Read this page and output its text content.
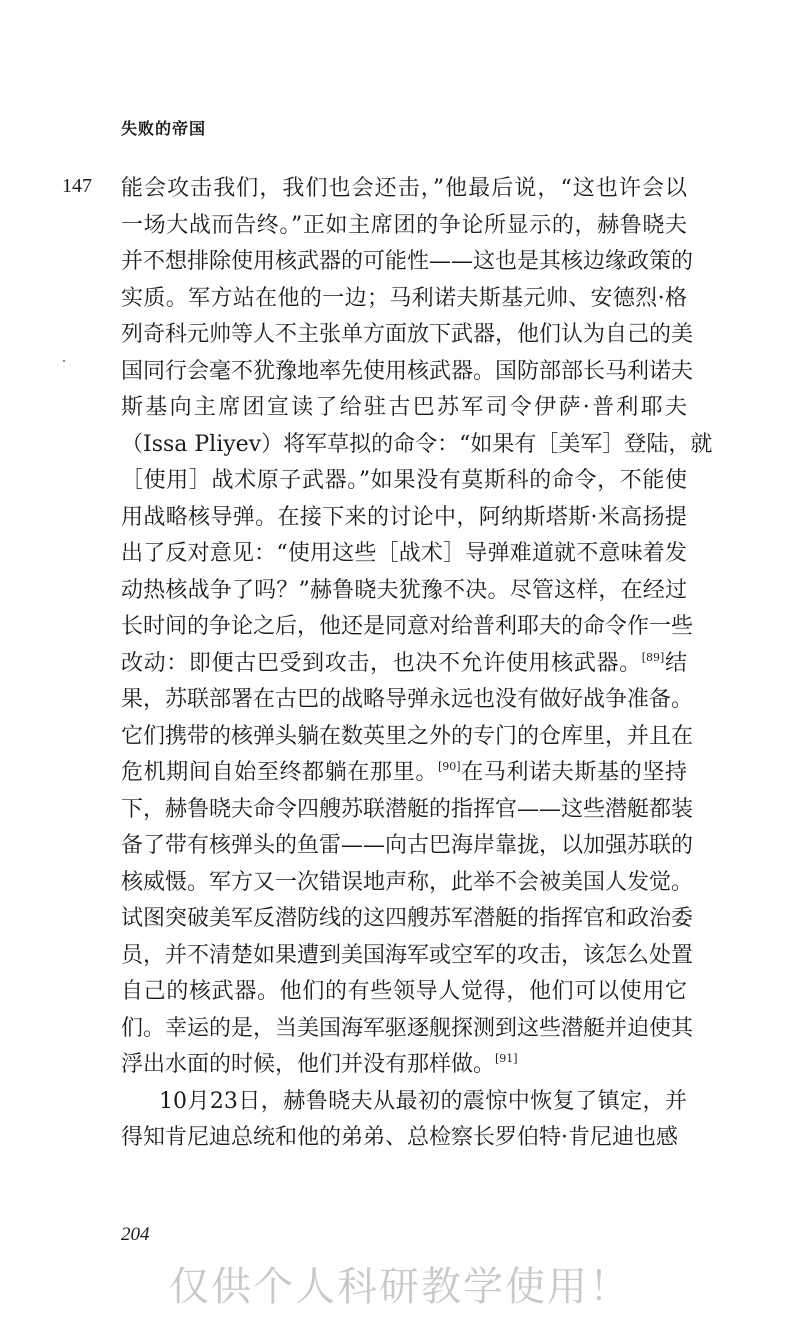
失败的帝国
147 能会攻击我们，我们也会还击，”他最后说，“这也许会以
一场大战而告终。”正如主席团的争论所显示的，赫鲁晓夫
并不想排除使用核武器的可能性——这也是其核边缘政策的
实质。军方站在他的一边；马利诺夫斯基元帅、安德烈·格
列奇科元帅等人不主张单方面放下武器，他们认为自己的美
国同行会毫不犹豫地率先使用核武器。国防部部长马利诺夫
斯基向主席团宣读了给驻古巴苏军司令伊萨·普利耶夫
（Issa Pliyev）将军草拟的命令：“如果有［美军］登陆，就
［使用］战术原子武器。”如果没有莫斯科的命令，不能使
用战略核导弹。在接下来的讨论中，阿纳斯塔斯·米高扬提
出了反对意见：“使用这些［战术］导弹难道就不意味着发
动热核战争了吗？”赫鲁晓夫犹豫不决。尽管这样，在经过
长时间的争论之后，他还是同意对给普利耶夫的命令作一些
改动：即便古巴受到攻击，也决不允许使用核武器。[89]结
果，苏联部署在古巴的战略导弹永远也没有做好战争准备。
它们携带的核弹头躺在数英里之外的专门的仓库里，并且在
危机期间自始至终都躺在那里。[90]在马利诺夫斯基的坚持
下，赫鲁晓夫命令四艘苏联潜艇的指挥官——这些潜艇都装
备了带有核弹头的鱼雷——向古巴海岸靠拢，以加强苏联的
核威慑。军方又一次错误地声称，此举不会被美国人发觉。
试图突破美军反潜防线的这四艘苏军潜艇的指挥官和政治委
员，并不清楚如果遭到美国海军或空军的攻击，该怎么处置
自己的核武器。他们的有些领导人觉得，他们可以使用它
们。幸运的是，当美国海军驱逐舰探测到这些潜艇并迫使其
浮出水面的时候，他们并没有那样做。[91]
10月23日，赫鲁晓夫从最初的震惊中恢复了镇定，并
得知肯尼迪总统和他的弟弟、总检察长罗伯特·肯尼迪也感
204
仅供个人科研教学使用！
